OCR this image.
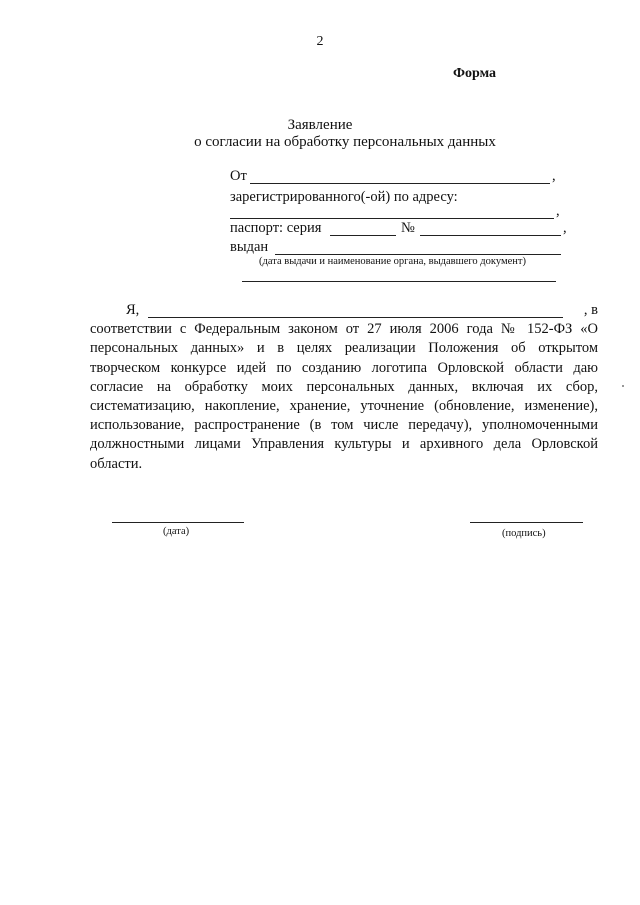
2
Форма
Заявление
о согласии на обработку персональных данных
От	,
зарегистрированного(-ой) по адресу:
,
паспорт: серия	№	,
выдан
(дата выдачи и наименование органа, выдавшего документ)
Я,	, в
соответствии с Федеральным законом от 27 июля 2006 года № 152-ФЗ «О персональных данных» и в целях реализации Положения об открытом творческом конкурсе идей по созданию логотипа Орловской области даю согласие на обработку моих персональных данных, включая их сбор, систематизацию, накопление, хранение, уточнение (обновление, изменение), использование, распространение (в том числе передачу), уполномоченными должностными лицами Управления культуры и архивного дела Орловской области.
(дата)	(подпись)
